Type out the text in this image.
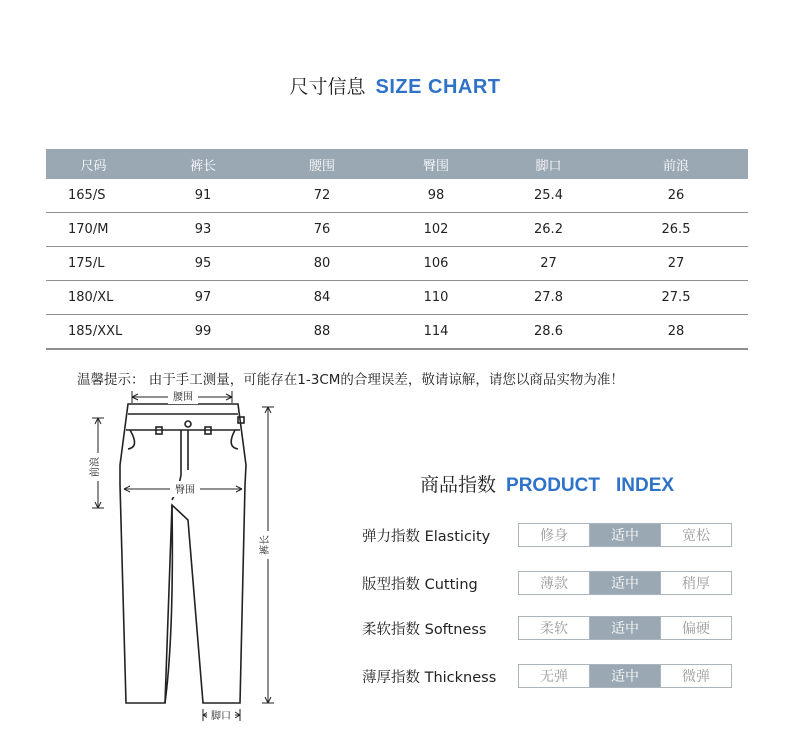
尺寸信息 SIZE CHART
尺码	裤长	腰围	臀围	脚口	前浪
165/S	91	72	98	25.4	26
170/M	93	76	102	26.2	26.5
175/L	95	80	106	27	27
180/XL	97	84	110	27.8	27.5
185/XXL	99	88	114	28.6	28
温馨提示： 由于手工测量，可能存在1-3CM的合理误差，敬请谅解，请您以商品实物为准！
腰围
前浪
臀围
裤长
脚口
商品指数 PRODUCT INDEX
弹力指数 Elasticity	修身	适中	宽松
版型指数 Cutting	薄款	适中	稍厚
柔软指数 Softness	柔软	适中	偏硬
薄厚指数 Thickness	无弹	适中	微弹
